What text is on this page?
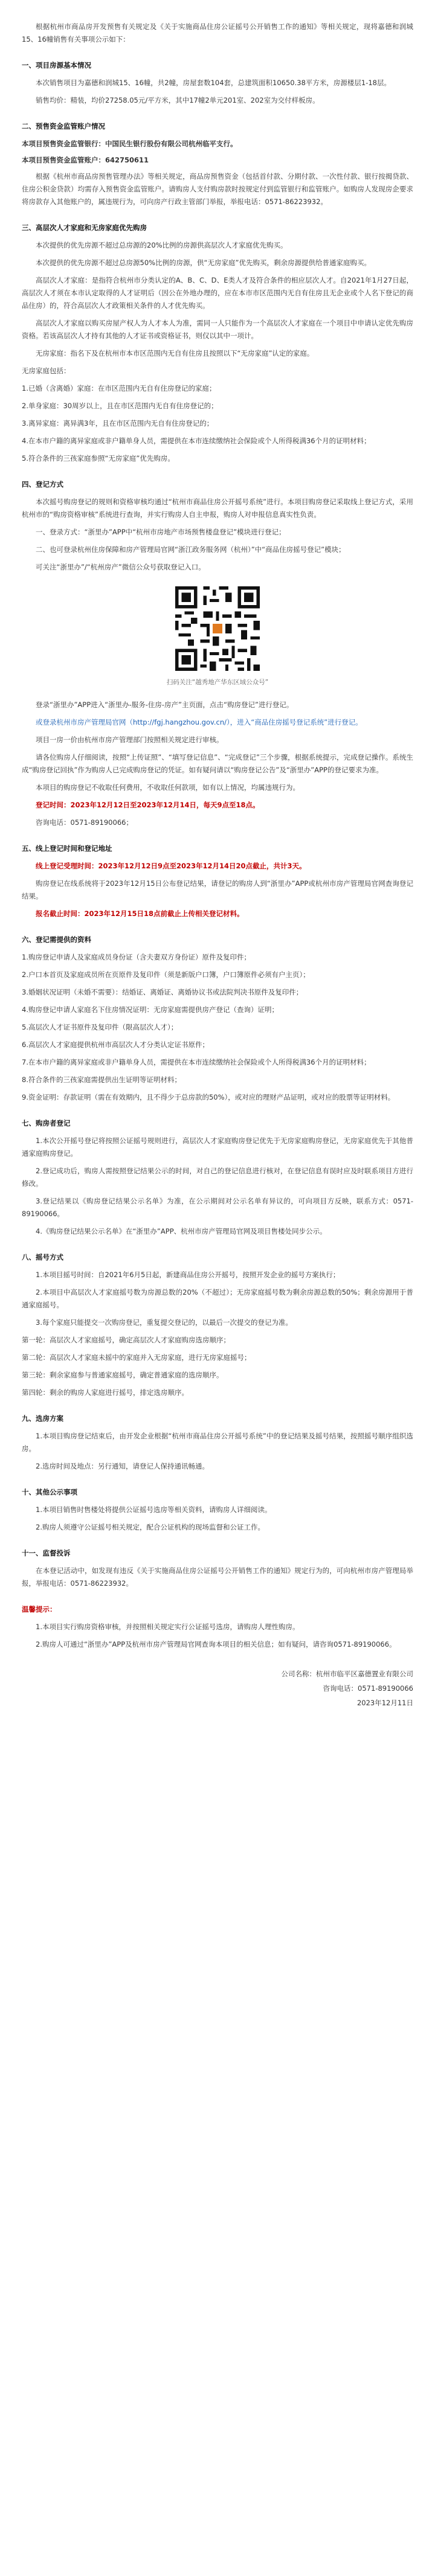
根据杭州市商品房开发预售有关规定及《关于实施商品住房公证摇号公开销售工作的通知》等相关规定，现将嘉德和润城15、16幢销售有关事项公示如下：

一、项目房源基本情况

本次销售项目为嘉德和润城15、16幢，共2幢，房屋套数104套，总建筑面积10650.38平方米，房源楼层1-18层。

销售均价：精装，均价27258.05元/平方米，其中17幢2单元201室、202室为交付样板房。

二、预售资金监管账户情况

本项目预售资金监管银行：中国民生银行股份有限公司杭州临平支行。

本项目预售资金监管账户：642750611

根据《杭州市商品房预售管理办法》等相关规定，商品房预售资金（包括首付款、分期付款、一次性付款、银行按揭贷款、住房公积金贷款）均需存入预售资金监管账户。请购房人支付购房款时按规定付到监管银行和监管账户。如购房人发现房企要求将房款存入其他账户的，属违规行为，可向房产行政主管部门举报，举报电话：0571-86223932。

三、高层次人才家庭和无房家庭优先购房

本次提供的优先房源不超过总房源的20%比例的房源供高层次人才家庭优先购买。

本次提供的优先房源不超过总房源50%比例的房源，供“无房家庭”优先购买，剩余房源提供给普通家庭购买。

高层次人才家庭：是指符合杭州市分类认定的A、B、C、D、E类人才及符合条件的相应层次人才。自2021年1月27日起，高层次人才须在本市认定取得的人才证明后（因公在外地办理的，应在本市市区范围内无自有住房且无企业或个人名下登记的商品住房）的，符合高层次人才政策相关条件的人才优先购买。

高层次人才家庭以购买房屋产权人为人才本人为准，需同一人只能作为一个高层次人才家庭在一个项目中申请认定优先购房资格。若该高层次人才持有其他的人才证书或资格证书，则仅以其中一项计。

无房家庭：指名下及在杭州市本市区范围内无自有住房且按照以下“无房家庭”认定的家庭。

无房家庭包括：

1.已婚（含离婚）家庭：在市区范围内无自有住房登记的家庭；

2.单身家庭：30周岁以上，且在市区范围内无自有住房登记的；

3.离异家庭：离异满3年，且在市区范围内无自有住房登记的；

4.在本市户籍的离异家庭或非户籍单身人员，需提供在本市连续缴纳社会保险或个人所得税满36个月的证明材料；

5.符合条件的三孩家庭参照“无房家庭”优先购房。

四、登记方式

本次摇号购房登记的规则和资格审核均通过“杭州市商品住房公开摇号系统”进行。本项目购房登记采取线上登记方式，采用杭州市的“购房资格审核”系统进行查询，并实行购房人自主申报，购房人对申报信息真实性负责。

一、登录方式：“浙里办”APP中“杭州市房地产市场预售楼盘登记”模块进行登记；

二、也可登录杭州住房保障和房产管理局官网“浙江政务服务网（杭州）”中“商品住房摇号登记”模块；

可关注“浙里办”/“杭州房产”微信公众号获取登记入口。

扫码关注“越秀地产华东区域公众号”

登录“浙里办”APP进入“浙里办-服务-住房-房产”主页面，点击“购房登记”进行登记。

或登录杭州市房产管理局官网（http://fgj.hangzhou.gov.cn/），进入“商品住房摇号登记系统”进行登记。

项目一房一价由杭州市房产管理部门按照相关规定进行审核。

请各位购房人仔细阅读，按照“上传证照”、“填写登记信息”、“完成登记”三个步骤，根据系统提示，完成登记操作。系统生成“购房登记回执”作为购房人已完成购房登记的凭证。如有疑问请以“购房登记公告”及“浙里办”APP的登记要求为准。

本项目的购房登记不收取任何费用，不收取任何款项，如有以上情况，均属违规行为。

登记时间：2023年12月12日至2023年12月14日，每天9点至18点。

咨询电话：0571-89190066；

五、线上登记时间和登记地址

线上登记受理时间：2023年12月12日9点至2023年12月14日20点截止，共计3天。

购房登记在线系统将于2023年12月15日公布登记结果，请登记的购房人到“浙里办”APP或杭州市房产管理局官网查询登记结果。

报名截止时间：2023年12月15日18点前截止上传相关登记材料。

六、登记需提供的资料

1.购房登记申请人及家庭成员身份证（含夫妻双方身份证）原件及复印件；

2.户口本首页及家庭成员所在页原件及复印件（须是新版户口簿，户口簿原件必须有户主页）；

3.婚姻状况证明（未婚不需要）：结婚证、离婚证、离婚协议书或法院判决书原件及复印件；

4.购房登记申请人家庭名下住房情况证明：无房家庭需提供房产登记（查询）证明；

5.高层次人才证书原件及复印件（限高层次人才）；

6.高层次人才家庭提供杭州市高层次人才分类认定证书原件；

7.在本市户籍的离异家庭或非户籍单身人员，需提供在本市连续缴纳社会保险或个人所得税满36个月的证明材料；

8.符合条件的三孩家庭需提供出生证明等证明材料；

9.资金证明：存款证明（需在有效期内，且不得少于总房款的50%），或对应的理财产品证明，或对应的股票等证明材料。

七、购房者登记

1.本次公开摇号登记将按照公证摇号规则进行，高层次人才家庭购房登记优先于无房家庭购房登记，无房家庭优先于其他普通家庭购房登记。

2.登记成功后，购房人需按照登记结果公示的时间，对自己的登记信息进行核对，在登记信息有误时应及时联系项目方进行修改。

3.登记结果以《购房登记结果公示名单》为准，在公示期间对公示名单有异议的，可向项目方反映，联系方式：0571-89190066。

4.《购房登记结果公示名单》在“浙里办”APP、杭州市房产管理局官网及项目售楼处同步公示。

八、摇号方式

1.本项目摇号时间：自2021年6月5日起，新建商品住房公开摇号，按照开发企业的摇号方案执行；

2.本项目中高层次人才家庭摇号数为房源总数的20%（不超过）；无房家庭摇号数为剩余房源总数的50%；剩余房源用于普通家庭摇号。

3.每个家庭只能提交一次购房登记，重复提交登记的，以最后一次提交的登记为准。

第一轮：高层次人才家庭摇号，确定高层次人才家庭购房选房顺序；

第二轮：高层次人才家庭未摇中的家庭并入无房家庭，进行无房家庭摇号；

第三轮：剩余家庭参与普通家庭摇号，确定普通家庭的选房顺序。

第四轮：剩余的购房人家庭进行摇号，排定选房顺序。

九、选房方案

1.本项目购房登记结束后，由开发企业根据“杭州市商品住房公开摇号系统”中的登记结果及摇号结果，按照摇号顺序组织选房。

2.选房时间及地点：另行通知，请登记人保持通讯畅通。

十、其他公示事项

1.本项目销售时售楼处将提供公证摇号选房等相关资料，请购房人详细阅读。

2.购房人须遵守公证摇号相关规定，配合公证机构的现场监督和公证工作。

十一、监督投诉

在本登记活动中，如发现有违反《关于实施商品住房公证摇号公开销售工作的通知》规定行为的，可向杭州市房产管理局举报，举报电话：0571-86223932。

温馨提示：

1.本项目实行购房资格审核，并按照相关规定实行公证摇号选房，请购房人理性购房。

2.购房人可通过“浙里办”APP及杭州市房产管理局官网查询本项目的相关信息；如有疑问，请咨询0571-89190066。

公司名称：杭州市临平区嘉德置业有限公司
咨询电话：0571-89190066
2023年12月11日
